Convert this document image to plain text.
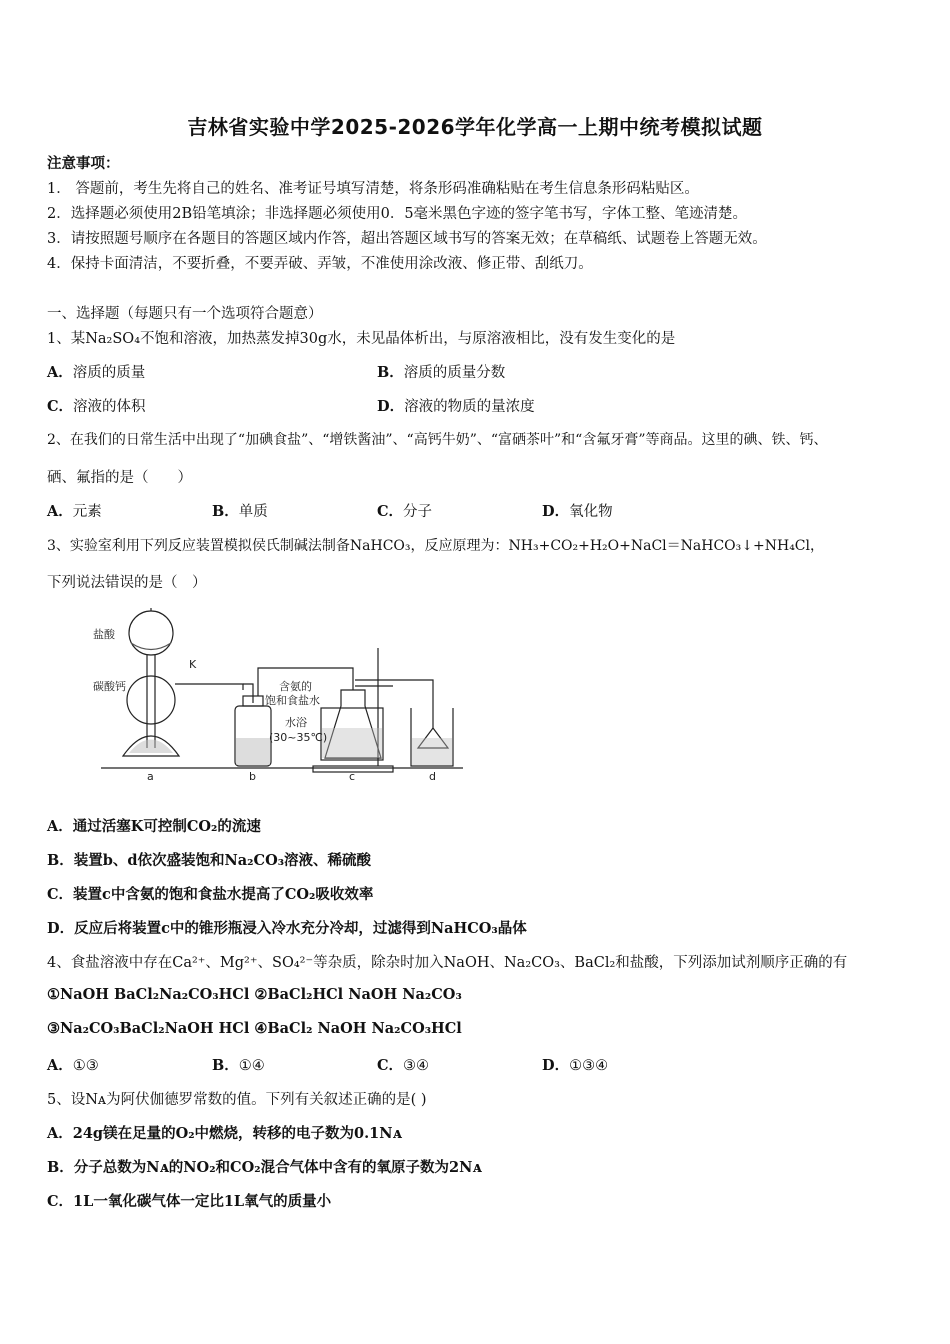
吉林省实验中学2025-2026学年化学高一上期中统考模拟试题
注意事项：
1． 答题前，考生先将自己的姓名、准考证号填写清楚，将条形码准确粘贴在考生信息条形码粘贴区。
2．选择题必须使用2B铅笔填涂；非选择题必须使用0．5毫米黑色字迹的签字笔书写，字体工整、笔迹清楚。
3．请按照题号顺序在各题目的答题区域内作答，超出答题区域书写的答案无效；在草稿纸、试题卷上答题无效。
4．保持卡面清洁，不要折叠，不要弄破、弄皱，不准使用涂改液、修正带、刮纸刀。
一、选择题（每题只有一个选项符合题意）
1、某Na₂SO₄不饱和溶液，加热蒸发掉30g水，未见晶体析出，与原溶液相比，没有发生变化的是
A．溶质的质量	B．溶质的质量分数
C．溶液的体积	D．溶液的物质的量浓度
2、在我们的日常生活中出现了“加碘食盐”、“增铁酱油”、“高钙牛奶”、“富硒茶叶”和“含氟牙膏”等商品。这里的碘、铁、钙、
硒、氟指的是（　　）
A．元素	B．单质	C．分子	D．氧化物
3、实验室利用下列反应装置模拟侯氏制碱法制备NaHCO₃，反应原理为：NH₃+CO₂+H₂O+NaCl＝NaHCO₃↓+NH₄Cl，
下列说法错误的是（　）
盐酸
碳酸钙
K
含氨的
饱和食盐水
水浴
(30~35℃)
a	b	c	d
A．通过活塞K可控制CO₂的流速
B．装置b、d依次盛装饱和Na₂CO₃溶液、稀硫酸
C．装置c中含氨的饱和食盐水提高了CO₂吸收效率
D．反应后将装置c中的锥形瓶浸入冷水充分冷却，过滤得到NaHCO₃晶体
4、食盐溶液中存在Ca²⁺、Mg²⁺、SO₄²⁻等杂质，除杂时加入NaOH、Na₂CO₃、BaCl₂和盐酸，下列添加试剂顺序正确的有
①NaOH BaCl₂Na₂CO₃HCl ②BaCl₂HCl NaOH Na₂CO₃
③Na₂CO₃BaCl₂NaOH HCl ④BaCl₂ NaOH Na₂CO₃HCl
A．①③	B．①④	C．③④	D．①③④
5、设Nᴀ为阿伏伽德罗常数的值。下列有关叙述正确的是( )
A．24g镁在足量的O₂中燃烧，转移的电子数为0.1Nᴀ
B．分子总数为Nᴀ的NO₂和CO₂混合气体中含有的氧原子数为2Nᴀ
C．1L一氧化碳气体一定比1L氧气的质量小
